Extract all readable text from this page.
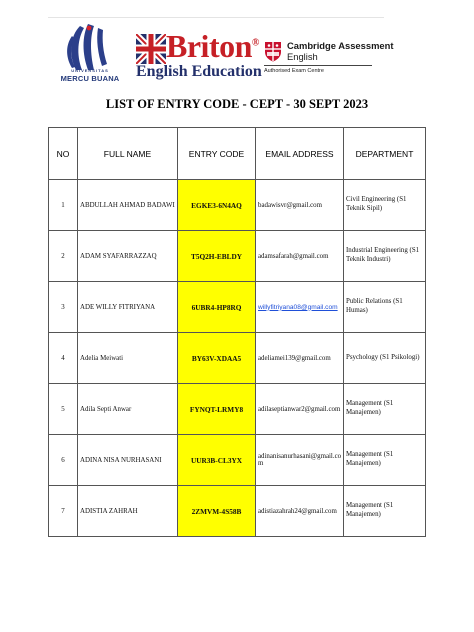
UNIVERSITAS
MERCU BUANA
Briton®
English Education
Cambridge Assessment
English
Authorised Exam Centre
LIST OF ENTRY CODE - CEPT - 30 SEPT 2023
NO	FULL NAME	ENTRY CODE	EMAIL ADDRESS	DEPARTMENT
1	ABDULLAH AHMAD BADAWI	EGKE3-6N4AQ	badawisvr@gmail.com	Civil Engineering (S1 Teknik Sipil)
2	ADAM SYAFARRAZZAQ	T5Q2H-EBLDY	adamsafarah@gmail.com	Industrial Engineering (S1 Teknik Industri)
3	ADE WILLY FITRIYANA	6UBR4-HP8RQ	willyfitriyana08@gmail.com	Public Relations (S1 Humas)
4	Adelia Meiwati	BY63V-XDAA5	adeliamei139@gmail.com	Psychology (S1 Psikologi)
5	Adila Septi Anwar	FYNQT-LRMY8	adilaseptianwar2@gmail.com	Management (S1 Manajemen)
6	ADINA NISA NURHASANI	UUR3B-CL3YX	adinanisanurhasani@gmail.com	Management (S1 Manajemen)
7	ADISTIA ZAHRAH	2ZMVM-4S58B	adistiazahrah24@gmail.com	Management (S1 Manajemen)
